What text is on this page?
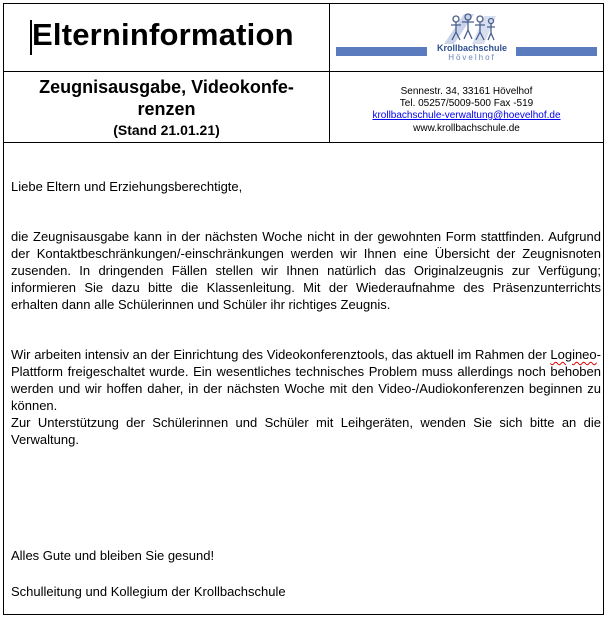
Elterninformation	Krollbachschule
Hövelhof
Zeugnisausgabe, Videokonfe-
renzen
(Stand 21.01.21)
Sennestr. 34, 33161 Hövelhof
Tel. 05257/5009-500 Fax -519
krollbachschule-verwaltung@hoevelhof.de
www.krollbachschule.de
Liebe Eltern und Erziehungsberechtigte,
die Zeugnisausgabe kann in der nächsten Woche nicht in der gewohnten Form stattfinden. Aufgrund der Kontaktbeschränkungen/-einschränkungen werden wir Ihnen eine Übersicht der Zeugnisnoten zusenden. In dringenden Fällen stellen wir Ihnen natürlich das Originalzeugnis zur Verfügung; informieren Sie dazu bitte die Klassenleitung. Mit der Wiederaufnahme des Präsenzunterrichts erhalten dann alle Schülerinnen und Schüler ihr richtiges Zeugnis.
Wir arbeiten intensiv an der Einrichtung des Videokonferenztools, das aktuell im Rahmen der Logineo-Plattform freigeschaltet wurde. Ein wesentliches technisches Problem muss allerdings noch behoben werden und wir hoffen daher, in der nächsten Woche mit den Video-/Audiokonferenzen beginnen zu können.
Zur Unterstützung der Schülerinnen und Schüler mit Leihgeräten, wenden Sie sich bitte an die Verwaltung.
Alles Gute und bleiben Sie gesund!
Schulleitung und Kollegium der Krollbachschule
